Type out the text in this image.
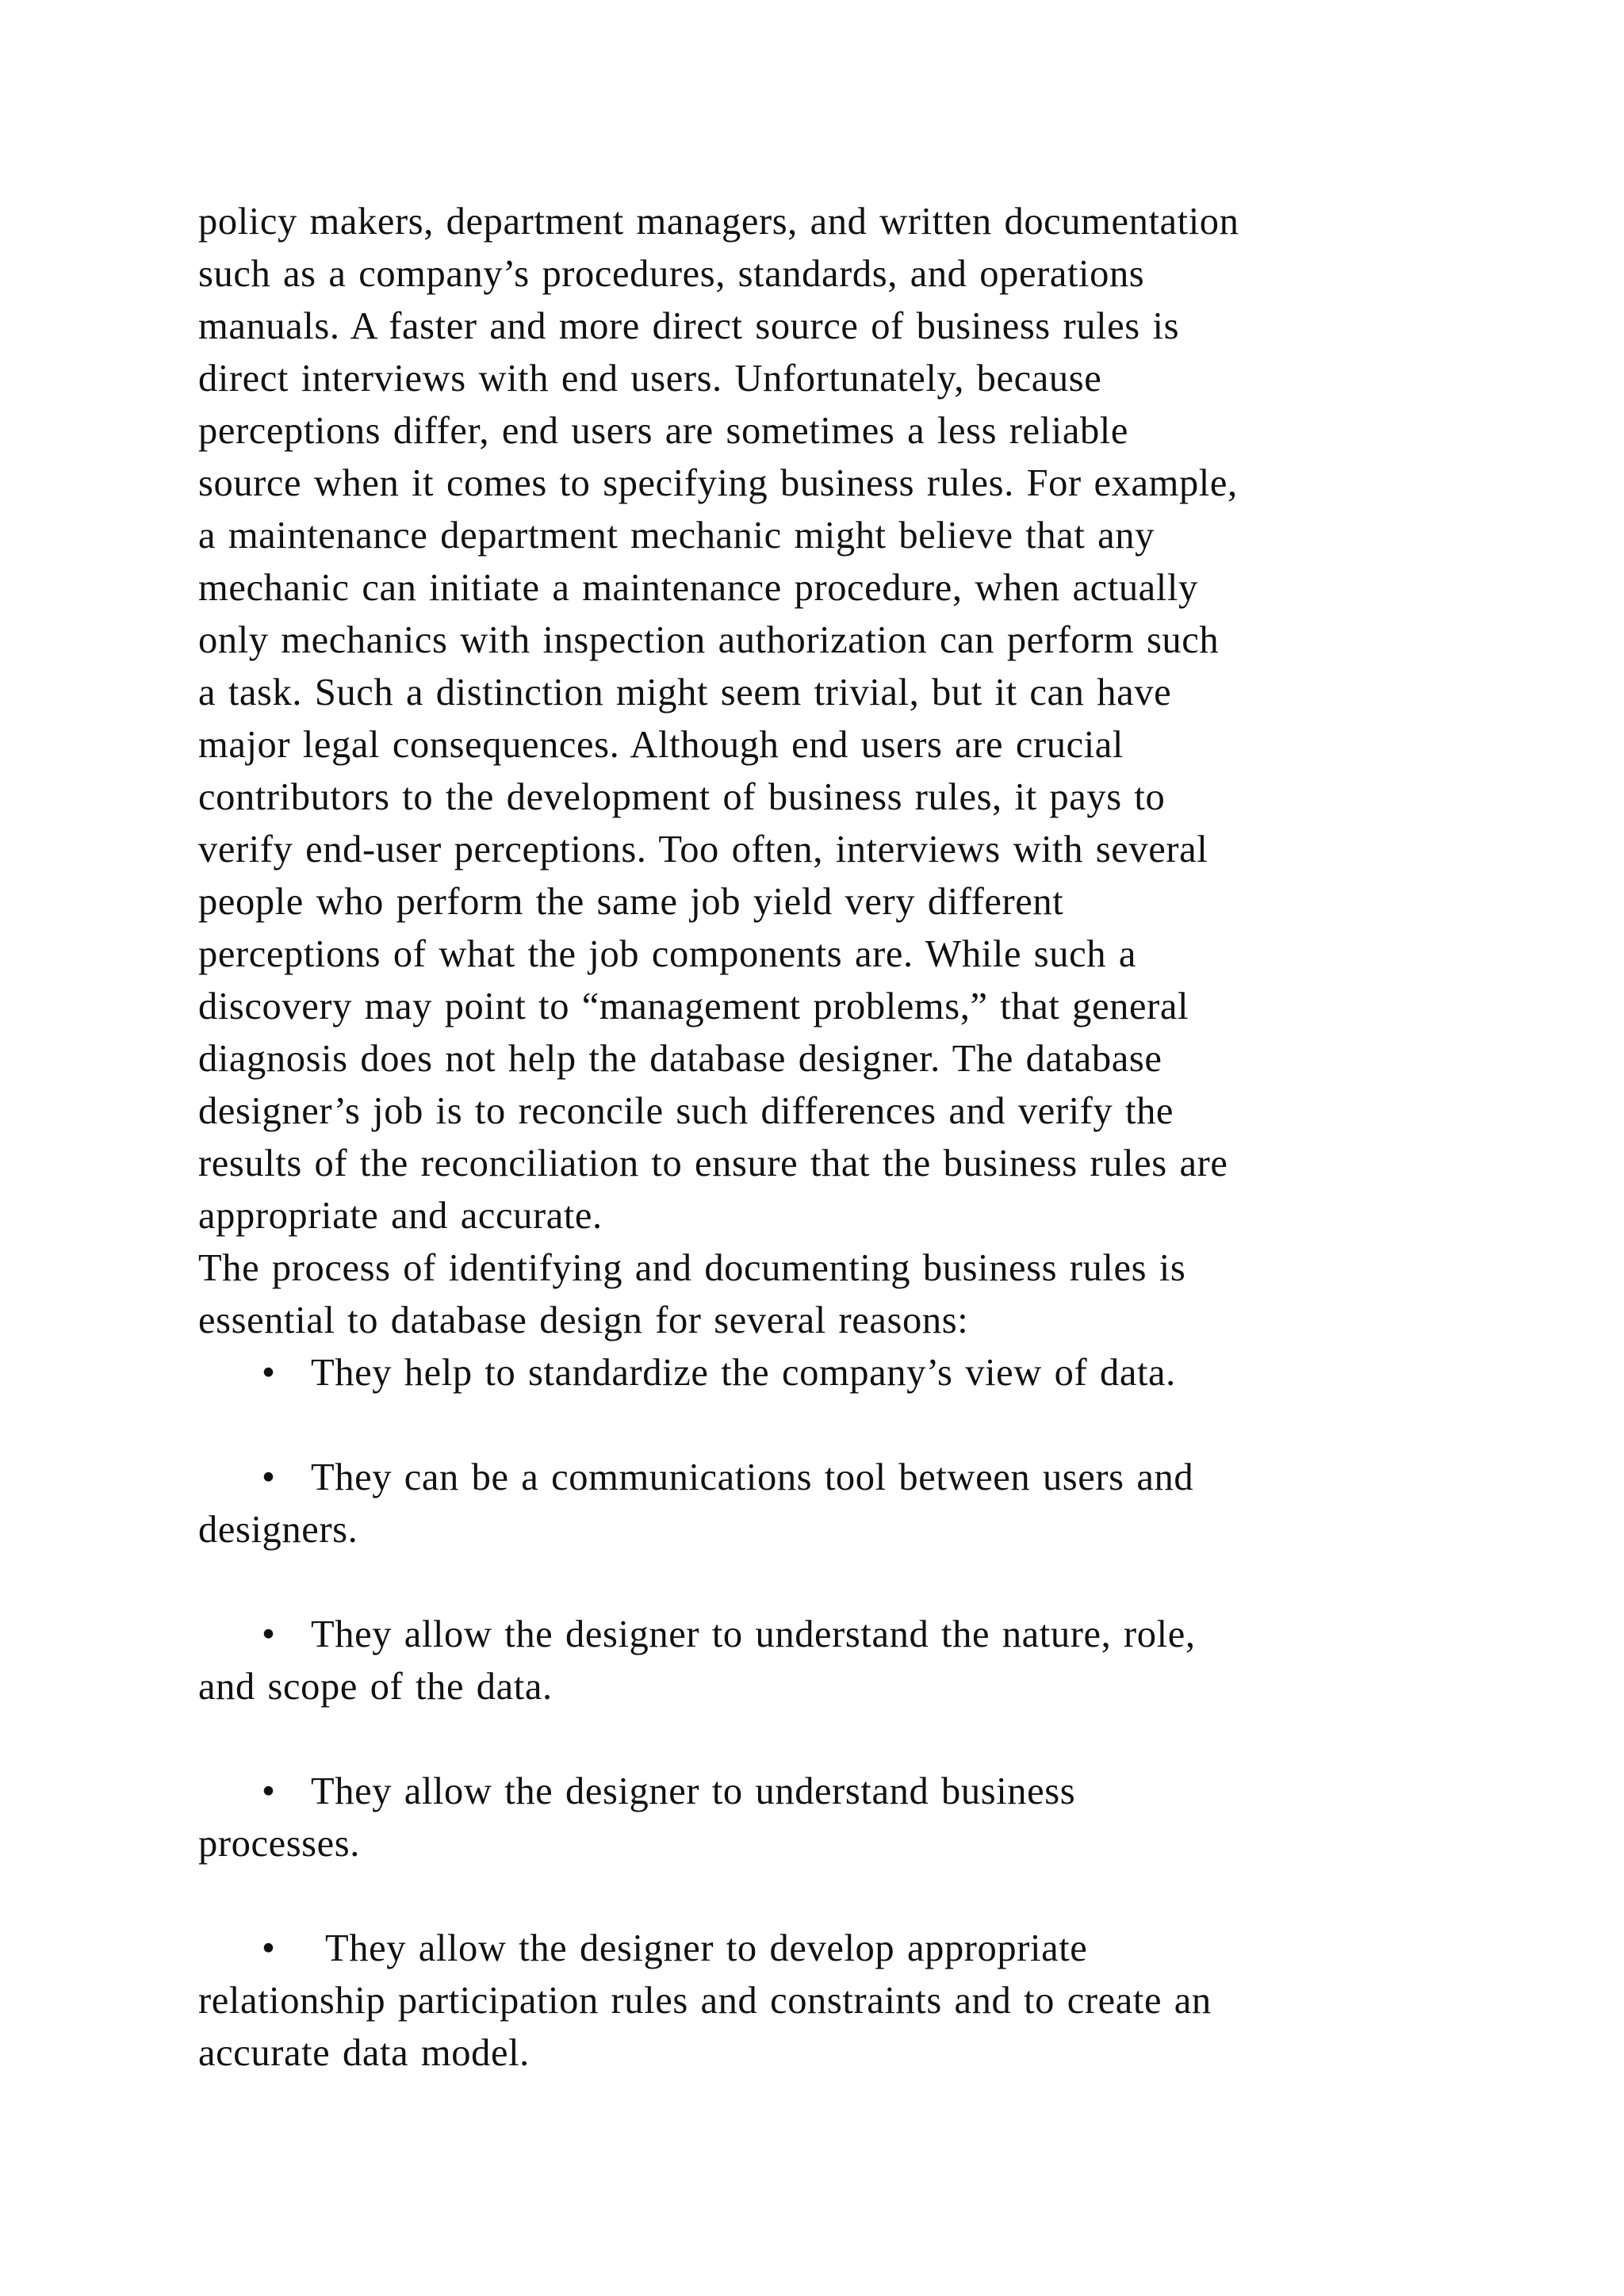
policy makers, department managers, and written documentation
such as a company’s procedures, standards, and operations
manuals. A faster and more direct source of business rules is
direct interviews with end users. Unfortunately, because
perceptions differ, end users are sometimes a less reliable
source when it comes to specifying business rules. For example,
a maintenance department mechanic might believe that any
mechanic can initiate a maintenance procedure, when actually
only mechanics with inspection authorization can perform such
a task. Such a distinction might seem trivial, but it can have
major legal consequences. Although end users are crucial
contributors to the development of business rules, it pays to
verify end-user perceptions. Too often, interviews with several
people who perform the same job yield very different
perceptions of what the job components are. While such a
discovery may point to “management problems,” that general
diagnosis does not help the database designer. The database
designer’s job is to reconcile such differences and verify the
results of the reconciliation to ensure that the business rules are
appropriate and accurate.
The process of identifying and documenting business rules is
essential to database design for several reasons:
• They help to standardize the company’s view of data.
• They can be a communications tool between users and
designers.
• They allow the designer to understand the nature, role,
and scope of the data.
• They allow the designer to understand business
processes.
• They allow the designer to develop appropriate
relationship participation rules and constraints and to create an
accurate data model.
